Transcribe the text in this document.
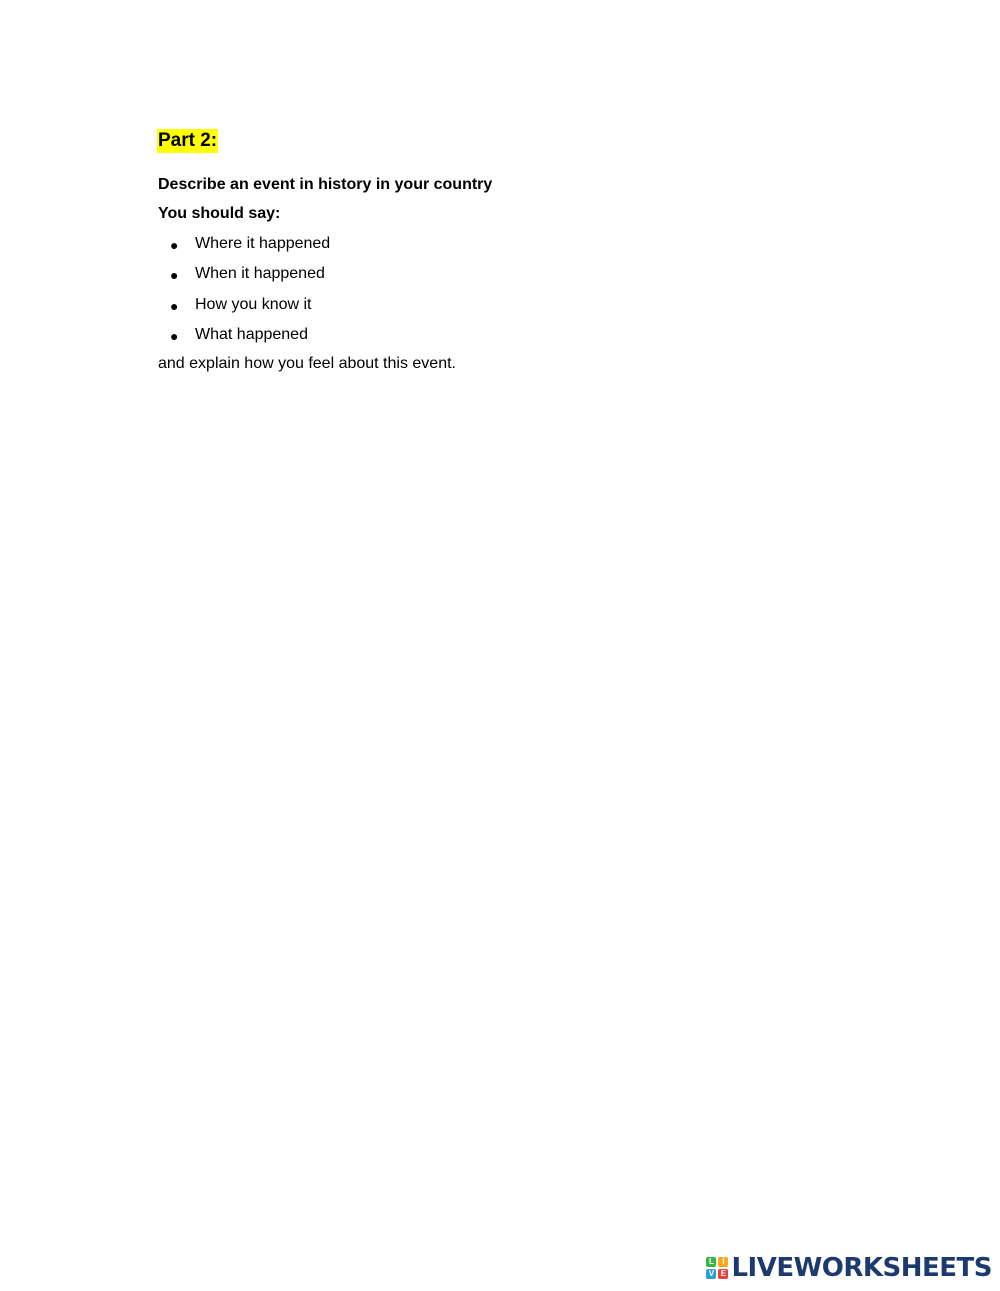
Part 2:
Describe an event in history in your country
You should say:
● Where it happened
● When it happened
● How you know it
● What happened
and explain how you feel about this event.
L	I
V E LIVEWORKSHEETS
